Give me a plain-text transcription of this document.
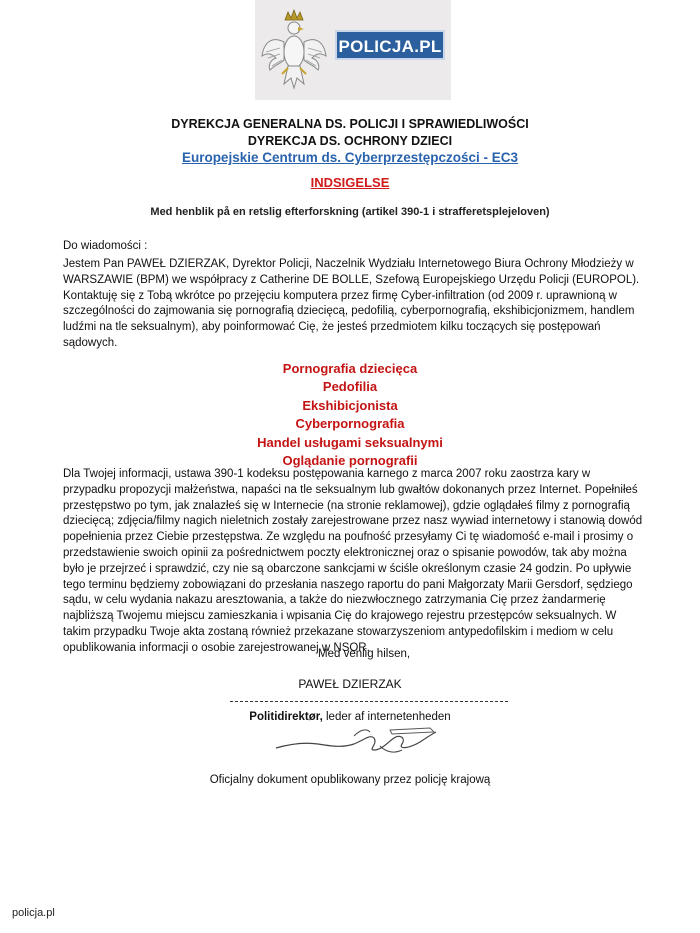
POLICJA.PL
DYREKCJA GENERALNA DS. POLICJI I SPRAWIEDLIWOŚCI
DYREKCJA DS. OCHRONY DZIECI
Europejskie Centrum ds. Cyberprzestępczości - EC3
INDSIGELSE
Med henblik på en retslig efterforskning (artikel 390-1 i strafferetsplejeloven)
Do wiadomości :

Jestem Pan PAWEŁ DZIERZAK, Dyrektor Policji, Naczelnik Wydziału Internetowego Biura Ochrony Młodzieży w WARSZAWIE (BPM) we współpracy z Catherine DE BOLLE, Szefową Europejskiego Urzędu Policji (EUROPOL). Kontaktuję się z Tobą wkrótce po przejęciu komputera przez firmę Cyber-infiltration (od 2009 r. uprawnioną w szczególności do zajmowania się pornografią dziecięcą, pedofilią, cyberpornografią, ekshibicjonizmem, handlem ludźmi na tle seksualnym), aby poinformować Cię, że jesteś przedmiotem kilku toczących się postępowań sądowych.

Pornografia dziecięca
Pedofilia
Ekshibicjonista
Cyberpornografia
Handel usługami seksualnymi
Oglądanie pornografii

Dla Twojej informacji, ustawa 390-1 kodeksu postępowania karnego z marca 2007 roku zaostrza kary w przypadku propozycji małżeństwa, napaści na tle seksualnym lub gwałtów dokonanych przez Internet. Popełniłeś przestępstwo po tym, jak znalazłeś się w Internecie (na stronie reklamowej), gdzie oglądałeś filmy z pornografią dziecięcą; zdjęcia/filmy nagich nieletnich zostały zarejestrowane przez nasz wywiad internetowy i stanowią dowód popełnienia przez Ciebie przestępstwa. Ze względu na poufność przesyłamy Ci tę wiadomość e-mail i prosimy o przedstawienie swoich opinii za pośrednictwem poczty elektronicznej oraz o spisanie powodów, tak aby można było je przejrzeć i sprawdzić, czy nie są obarczone sankcjami w ściśle określonym czasie 24 godzin. Po upływie tego terminu będziemy zobowiązani do przesłania naszego raportu do pani Małgorzaty Marii Gersdorf, sędziego sądu, w celu wydania nakazu aresztowania, a także do niezwłocznego zatrzymania Cię przez żandarmerię najbliższą Twojemu miejscu zamieszkania i wpisania Cię do krajowego rejestru przestępców seksualnych. W takim przypadku Twoje akta zostaną również przekazane stowarzyszeniom antypedofilskim i mediom w celu opublikowania informacji o osobie zarejestrowanej w NSOR.

Med venlig hilsen,
PAWEŁ DZIERZAK
Politidirektør, leder af internetenheden
Oficjalny dokument opublikowany przez policję krajową
policja.pl
